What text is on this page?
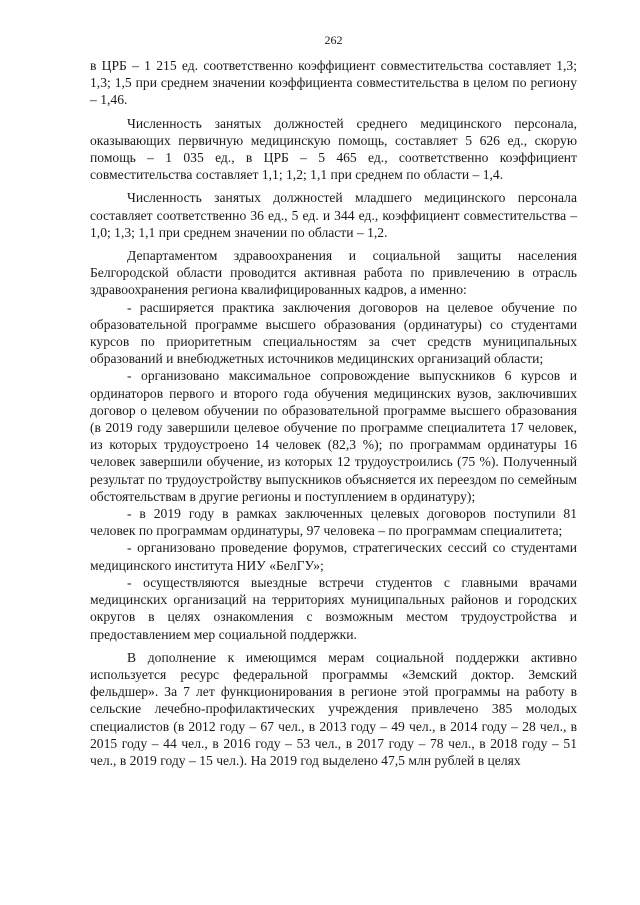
262

в ЦРБ – 1 215 ед. соответственно коэффициент совместительства составляет 1,3; 1,3; 1,5 при среднем значении коэффициента совместительства в целом по региону – 1,46.

Численность занятых должностей среднего медицинского персонала, оказывающих первичную медицинскую помощь, составляет 5 626 ед., скорую помощь – 1 035 ед., в ЦРБ – 5 465 ед., соответственно коэффициент совместительства составляет 1,1; 1,2; 1,1 при среднем по области – 1,4.

Численность занятых должностей младшего медицинского персонала составляет соответственно 36 ед., 5 ед. и 344 ед., коэффициент совместительства – 1,0; 1,3; 1,1 при среднем значении по области – 1,2.

Департаментом здравоохранения и социальной защиты населения Белгородской области проводится активная работа по привлечению в отрасль здравоохранения региона квалифицированных кадров, а именно:

- расширяется практика заключения договоров на целевое обучение по образовательной программе высшего образования (ординатуры) со студентами курсов по приоритетным специальностям за счет средств муниципальных образований и внебюджетных источников медицинских организаций области;

- организовано максимальное сопровождение выпускников 6 курсов и ординаторов первого и второго года обучения медицинских вузов, заключивших договор о целевом обучении по образовательной программе высшего образования (в 2019 году завершили целевое обучение по программе специалитета 17 человек, из которых трудоустроено 14 человек (82,3 %); по программам ординатуры 16 человек завершили обучение, из которых 12 трудоустроились (75 %). Полученный результат по трудоустройству выпускников объясняется их переездом по семейным обстоятельствам в другие регионы и поступлением в ординатуру);

- в 2019 году в рамках заключенных целевых договоров поступили 81 человек по программам ординатуры, 97 человека – по программам специалитета;

- организовано проведение форумов, стратегических сессий со студентами медицинского института НИУ «БелГУ»;

- осуществляются выездные встречи студентов с главными врачами медицинских организаций на территориях муниципальных районов и городских округов в целях ознакомления с возможным местом трудоустройства и предоставлением мер социальной поддержки.

В дополнение к имеющимся мерам социальной поддержки активно используется ресурс федеральной программы «Земский доктор. Земский фельдшер». За 7 лет функционирования в регионе этой программы на работу в сельские лечебно-профилактических учреждения привлечено 385 молодых специалистов (в 2012 году – 67 чел., в 2013 году – 49 чел., в 2014 году – 28 чел., в 2015 году – 44 чел., в 2016 году – 53 чел., в 2017 году – 78 чел., в 2018 году – 51 чел., в 2019 году – 15 чел.). На 2019 год выделено 47,5 млн рублей в целях
